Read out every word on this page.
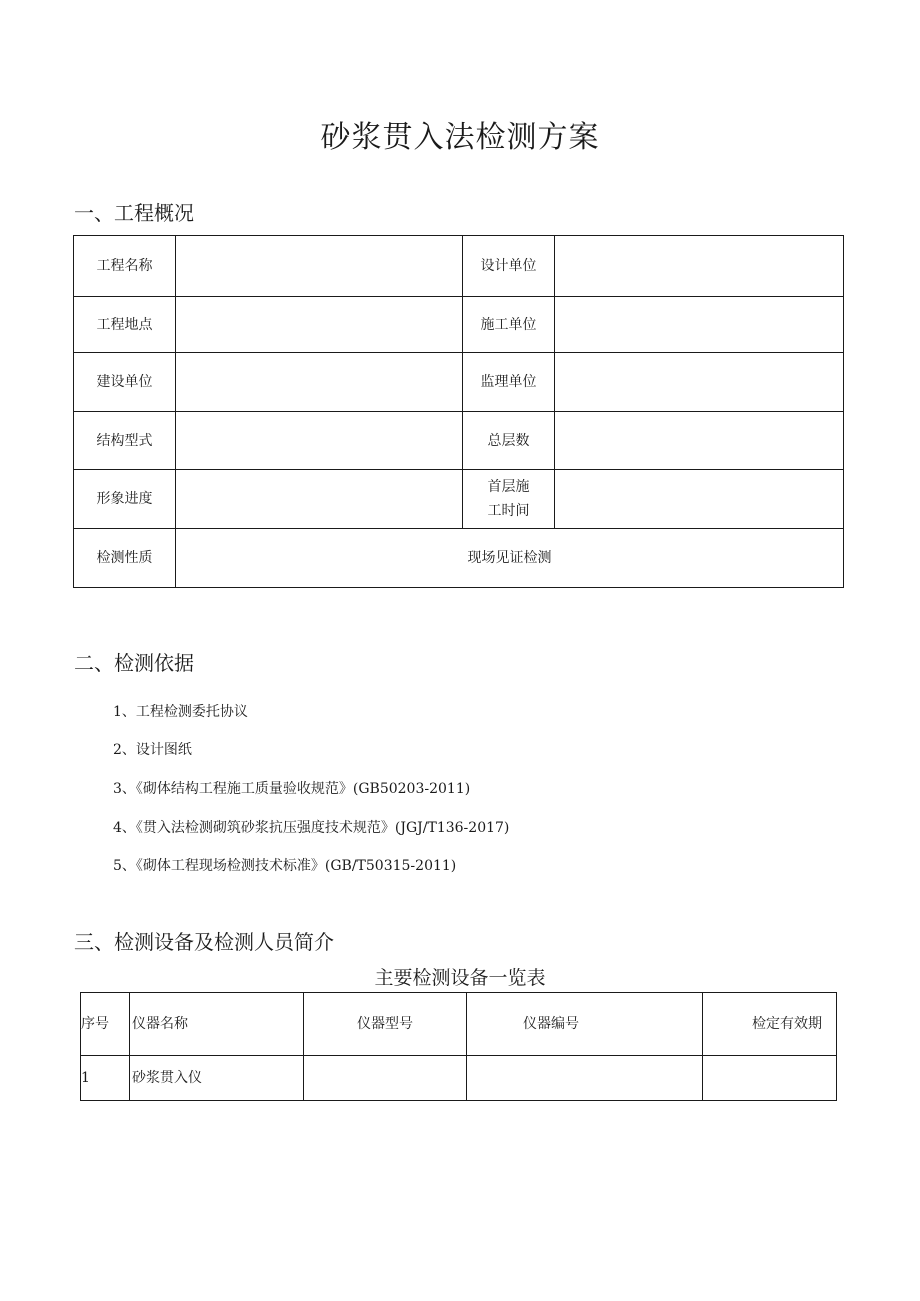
砂浆贯入法检测方案
一、工程概况
工程名称		设计单位	
工程地点		施工单位	
建设单位		监理单位	
结构型式		总层数	
形象进度		首层施工时间	
检测性质	现场见证检测		
二、检测依据
1、工程检测委托协议
2、设计图纸
3、《砌体结构工程施工质量验收规范》(GB50203-2011)
4、《贯入法检测砌筑砂浆抗压强度技术规范》(JGJ/T136-2017)
5、《砌体工程现场检测技术标准》(GB/T50315-2011)
三、检测设备及检测人员简介
主要检测设备一览表
序号	仪器名称	仪器型号	仪器编号	检定有效期
1	砂浆贯入仪			
